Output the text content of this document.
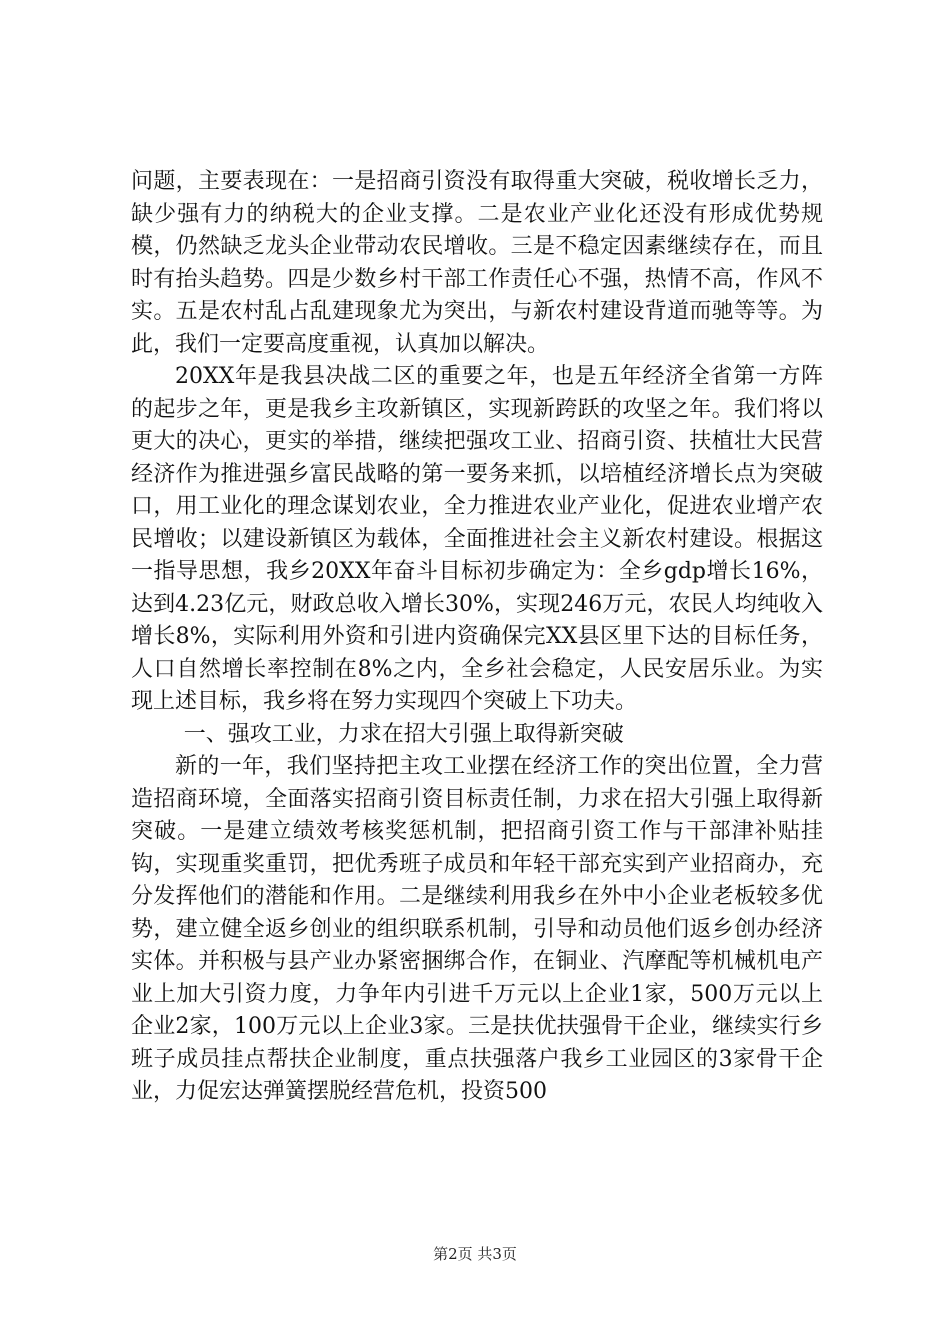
问题，主要表现在：一是招商引资没有取得重大突破，税收增长乏力，缺少强有力的纳税大的企业支撑。二是农业产业化还没有形成优势规模，仍然缺乏龙头企业带动农民增收。三是不稳定因素继续存在，而且时有抬头趋势。四是少数乡村干部工作责任心不强，热情不高，作风不实。五是农村乱占乱建现象尤为突出，与新农村建设背道而驰等等。为此，我们一定要高度重视，认真加以解决。

20XX年是我县决战二区的重要之年，也是五年经济全省第一方阵的起步之年，更是我乡主攻新镇区，实现新跨跃的攻坚之年。我们将以更大的决心，更实的举措，继续把强攻工业、招商引资、扶植壮大民营经济作为推进强乡富民战略的第一要务来抓，以培植经济增长点为突破口，用工业化的理念谋划农业，全力推进农业产业化，促进农业增产农民增收；以建设新镇区为载体，全面推进社会主义新农村建设。根据这一指导思想，我乡20XX年奋斗目标初步确定为：全乡gdp增长16%，达到4.23亿元，财政总收入增长30%，实现246万元，农民人均纯收入增长8%，实际利用外资和引进内资确保完XX县区里下达的目标任务，人口自然增长率控制在8%之内，全乡社会稳定，人民安居乐业。为实现上述目标，我乡将在努力实现四个突破上下功夫。

一、强攻工业，力求在招大引强上取得新突破

新的一年，我们坚持把主攻工业摆在经济工作的突出位置，全力营造招商环境，全面落实招商引资目标责任制，力求在招大引强上取得新突破。一是建立绩效考核奖惩机制，把招商引资工作与干部津补贴挂钩，实现重奖重罚，把优秀班子成员和年轻干部充实到产业招商办，充分发挥他们的潜能和作用。二是继续利用我乡在外中小企业老板较多优势，建立健全返乡创业的组织联系机制，引导和动员他们返乡创办经济实体。并积极与县产业办紧密捆绑合作，在铜业、汽摩配等机械机电产业上加大引资力度，力争年内引进千万元以上企业1家，500万元以上企业2家，100万元以上企业3家。三是扶优扶强骨干企业，继续实行乡班子成员挂点帮扶企业制度，重点扶强落户我乡工业园区的3家骨干企业，力促宏达弹簧摆脱经营危机，投资500

第2页 共3页
